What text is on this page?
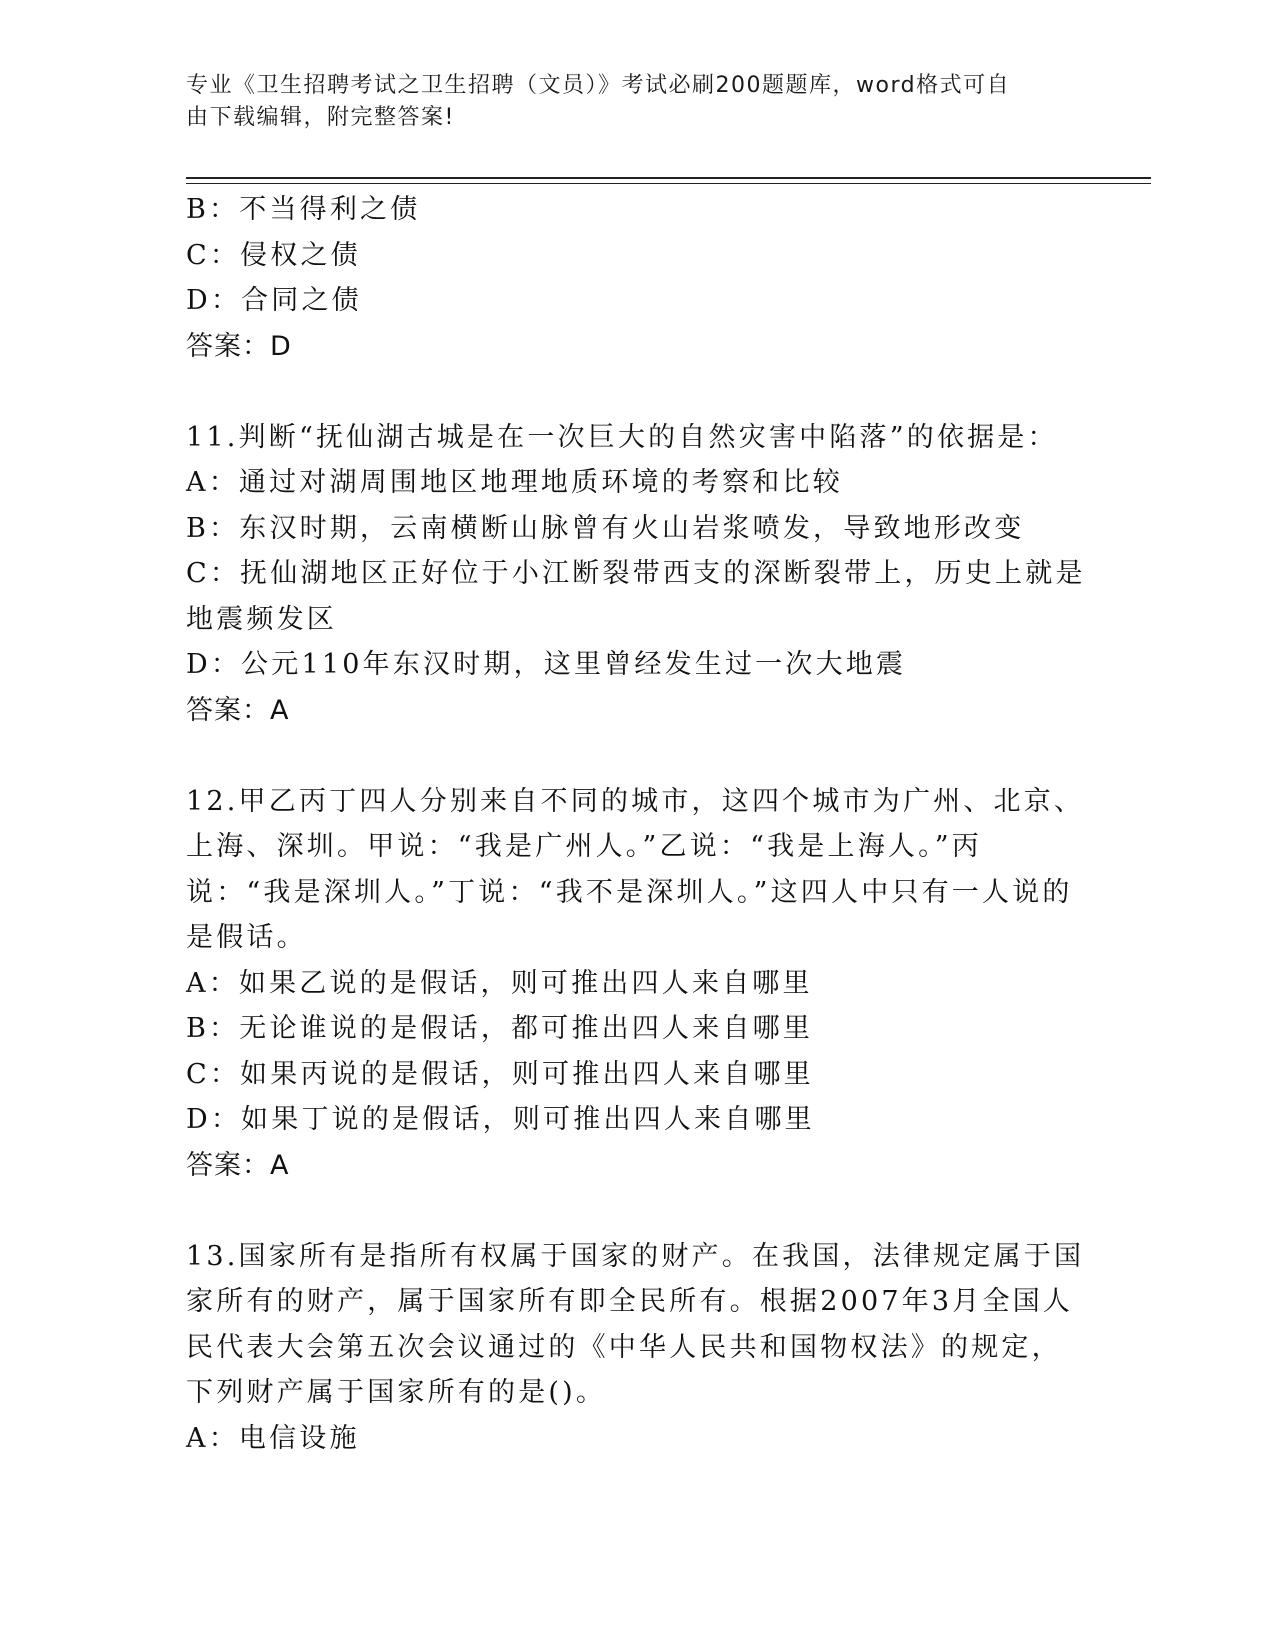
专业《卫生招聘考试之卫生招聘（文员）》考试必刷200题题库，word格式可自
由下载编辑，附完整答案!

B：不当得利之债

C：侵权之债

D：合同之债

答案：D

11.判断“抚仙湖古城是在一次巨大的自然灾害中陷落”的依据是：

A：通过对湖周围地区地理地质环境的考察和比较

B：东汉时期，云南横断山脉曾有火山岩浆喷发，导致地形改变

C：抚仙湖地区正好位于小江断裂带西支的深断裂带上，历史上就是地震频发区

D：公元110年东汉时期，这里曾经发生过一次大地震

答案：A

12.甲乙丙丁四人分别来自不同的城市，这四个城市为广州、北京、上海、深圳。甲说：“我是广州人。”乙说：“我是上海人。”丙说：“我是深圳人。”丁说：“我不是深圳人。”这四人中只有一人说的是假话。

A：如果乙说的是假话，则可推出四人来自哪里

B：无论谁说的是假话，都可推出四人来自哪里

C：如果丙说的是假话，则可推出四人来自哪里

D：如果丁说的是假话，则可推出四人来自哪里

答案：A

13.国家所有是指所有权属于国家的财产。在我国，法律规定属于国家所有的财产，属于国家所有即全民所有。根据2007年3月全国人民代表大会第五次会议通过的《中华人民共和国物权法》的规定，下列财产属于国家所有的是()。

A：电信设施
